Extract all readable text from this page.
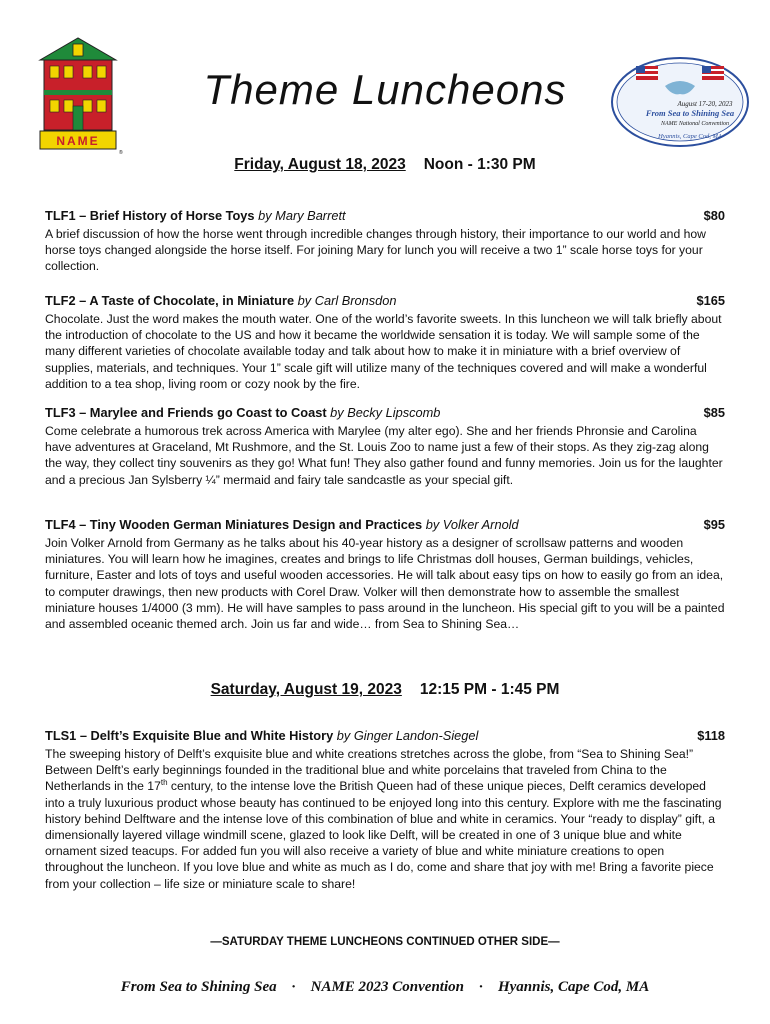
NAME
®
Theme Luncheons	August 17-20, 2023
From Sea to Shining Sea
NAME National Convention
Hyannis, Cape Cod, MA
Friday, August 18, 2023 Noon - 1:30 PM
TLF1 – Brief History of Horse Toys by Mary Barrett	$80

A brief discussion of how the horse went through incredible changes through history, their importance to our world and how horse toys changed alongside the horse itself. For joining Mary for lunch you will receive a two 1” scale horse toys for your collection.

TLF2 – A Taste of Chocolate, in Miniature by Carl Bronsdon	$165

Chocolate. Just the word makes the mouth water. One of the world’s favorite sweets. In this luncheon we will talk briefly about the introduction of chocolate to the US and how it became the worldwide sensation it is today. We will sample some of the many different varieties of chocolate available today and talk about how to make it in miniature with a brief overview of supplies, materials, and techniques. Your 1” scale gift will utilize many of the techniques covered and will make a wonderful addition to a tea shop, living room or cozy nook by the fire.

TLF3 – Marylee and Friends go Coast to Coast by Becky Lipscomb	$85

Come celebrate a humorous trek across America with Marylee (my alter ego). She and her friends Phronsie and Carolina have adventures at Graceland, Mt Rushmore, and the St. Louis Zoo to name just a few of their stops. As they zig-zag along the way, they collect tiny souvenirs as they go! What fun! They also gather found and funny memories. Join us for the laughter and a precious Jan Sylsberry ¼” mermaid and fairy tale sandcastle as your special gift.

TLF4 – Tiny Wooden German Miniatures Design and Practices by Volker Arnold	$95

Join Volker Arnold from Germany as he talks about his 40-year history as a designer of scrollsaw patterns and wooden miniatures. You will learn how he imagines, creates and brings to life Christmas doll houses, German buildings, vehicles, furniture, Easter and lots of toys and useful wooden accessories. He will talk about easy tips on how to easily go from an idea, to computer drawings, then new products with Corel Draw. Volker will then demonstrate how to assemble the smallest miniature houses 1/4000 (3 mm). He will have samples to pass around in the luncheon. His special gift to you will be a painted and assembled oceanic themed arch. Join us far and wide… from Sea to Shining Sea…

Saturday, August 19, 2023 12:15 PM - 1:45 PM
TLS1 – Delft’s Exquisite Blue and White History by Ginger Landon-Siegel	$118

The sweeping history of Delft’s exquisite blue and white creations stretches across the globe, from “Sea to Shining Sea!” Between Delft’s early beginnings founded in the traditional blue and white porcelains that traveled from China to the Netherlands in the 17th century, to the intense love the British Queen had of these unique pieces, Delft ceramics developed into a truly luxurious product whose beauty has continued to be enjoyed long into this century. Explore with me the fascinating history behind Delftware and the intense love of this combination of blue and white in ceramics. Your “ready to display” gift, a dimensionally layered village windmill scene, glazed to look like Delft, will be created in one of 3 unique blue and white ornament sized teacups. For added fun you will also receive a variety of blue and white miniature creations to open throughout the luncheon. If you love blue and white as much as I do, come and share that joy with me! Bring a favorite piece from your collection – life size or miniature scale to share!

—SATURDAY THEME LUNCHEONS CONTINUED OTHER SIDE—
From Sea to Shining Sea · NAME 2023 Convention · Hyannis, Cape Cod, MA
